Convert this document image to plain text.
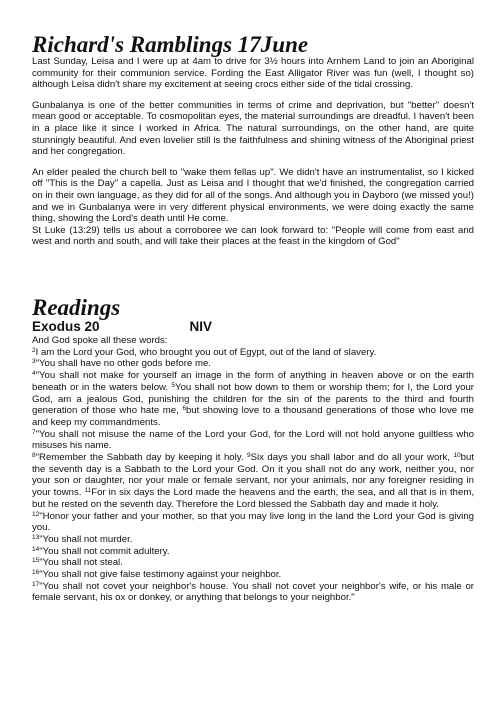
Richard's Ramblings 17June

Last Sunday, Leisa and I were up at 4am to drive for 3½ hours into Arnhem Land to join an Aboriginal community for their communion service. Fording the East Alligator River was fun (well, I thought so) although Leisa didn't share my excitement at seeing crocs either side of the tidal crossing.

Gunbalanya is one of the better communities in terms of crime and deprivation, but "better" doesn't mean good or acceptable. To cosmopolitan eyes, the material surroundings are dreadful. I haven't been in a place like it since I worked in Africa. The natural surroundings, on the other hand, are quite stunningly beautiful. And even lovelier still is the faithfulness and shining witness of the Aboriginal priest and her congregation.

An elder pealed the church bell to "wake them fellas up". We didn't have an instrumentalist, so I kicked off "This is the Day" a capella. Just as Leisa and I thought that we'd finished, the congregation carried on in their own language, as they did for all of the songs. And although you in Dayboro (we missed you!) and we in Gunbalanya were in very different physical environments, we were doing exactly the same thing, showing the Lord's death until He come.

St Luke (13:29) tells us about a corroboree we can look forward to: "People will come from east and west and north and south, and will take their places at the feast in the kingdom of God"

Readings
Exodus 20	NIV

And God spoke all these words:

$^2$I am the Lord your God, who brought you out of Egypt, out of the land of slavery.

$^3$"You shall have no other gods before me.

$^4$"You shall not make for yourself an image in the form of anything in heaven above or on the earth beneath or in the waters below. $^5$You shall not bow down to them or worship them; for I, the Lord your God, am a jealous God, punishing the children for the sin of the parents to the third and fourth generation of those who hate me, $^6$but showing love to a thousand generations of those who love me and keep my commandments.

$^7$"You shall not misuse the name of the Lord your God, for the Lord will not hold anyone guiltless who misuses his name.

$^8$"Remember the Sabbath day by keeping it holy. $^9$Six days you shall labor and do all your work, $^{10}$but the seventh day is a Sabbath to the Lord your God. On it you shall not do any work, neither you, nor your son or daughter, nor your male or female servant, nor your animals, nor any foreigner residing in your towns. $^{11}$For in six days the Lord made the heavens and the earth, the sea, and all that is in them, but he rested on the seventh day. Therefore the Lord blessed the Sabbath day and made it holy.

$^{12}$"Honor your father and your mother, so that you may live long in the land the Lord your God is giving you.

$^{13}$"You shall not murder.

$^{14}$"You shall not commit adultery.

$^{15}$"You shall not steal.

$^{16}$"You shall not give false testimony against your neighbor.

$^{17}$"You shall not covet your neighbor's house. You shall not covet your neighbor's wife, or his male or female servant, his ox or donkey, or anything that belongs to your neighbor."
